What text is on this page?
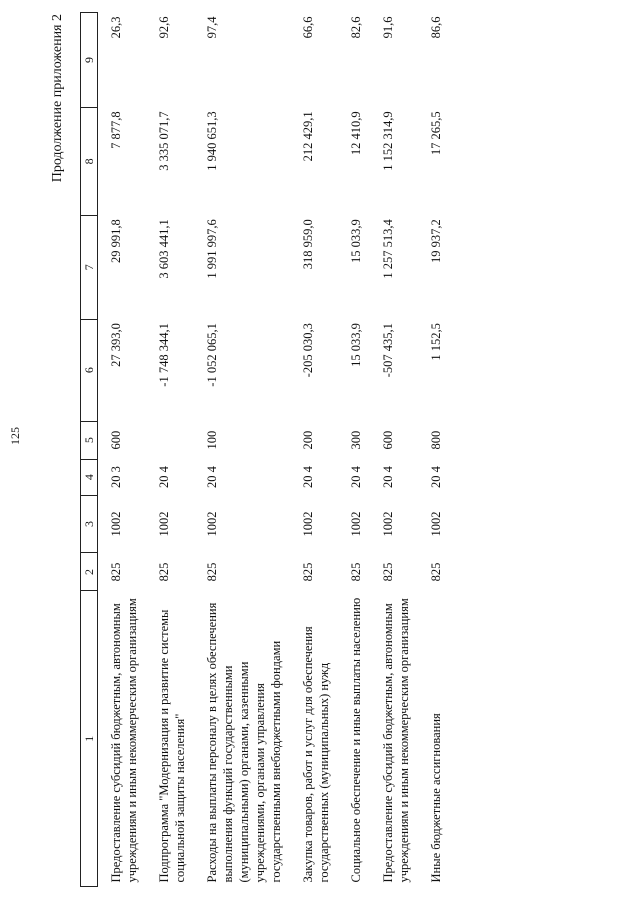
125
Продолжение приложения 2
1	2	3	4	5	6	7	8	9
Предоставление субсидий бюджетным, автономным учреждениям и иным некоммерческим организациям	825	1002	20 3	600	27 393,0	29 991,8	7 877,8	26,3
Подпрограмма "Модернизация и развитие системы социальной защиты населения"	825	1002	20 4		-1 748 344,1	3 603 441,1	3 335 071,7	92,6
Расходы на выплаты персоналу в целях обеспечения выполнения функций государственными (муниципальными) органами, казенными учреждениями, органами управления государственными внебюджетными фондами	825	1002	20 4	100	-1 052 065,1	1 991 997,6	1 940 651,3	97,4
Закупка товаров, работ и услуг для обеспечения государственных (муниципальных) нужд	825	1002	20 4	200	-205 030,3	318 959,0	212 429,1	66,6
Социальное обеспечение и иные выплаты населению	825	1002	20 4	300	15 033,9	15 033,9	12 410,9	82,6
Предоставление субсидий бюджетным, автономным учреждениям и иным некоммерческим организациям	825	1002	20 4	600	-507 435,1	1 257 513,4	1 152 314,9	91,6
Иные бюджетные ассигнования	825	1002	20 4	800	1 152,5	19 937,2	17 265,5	86,6
